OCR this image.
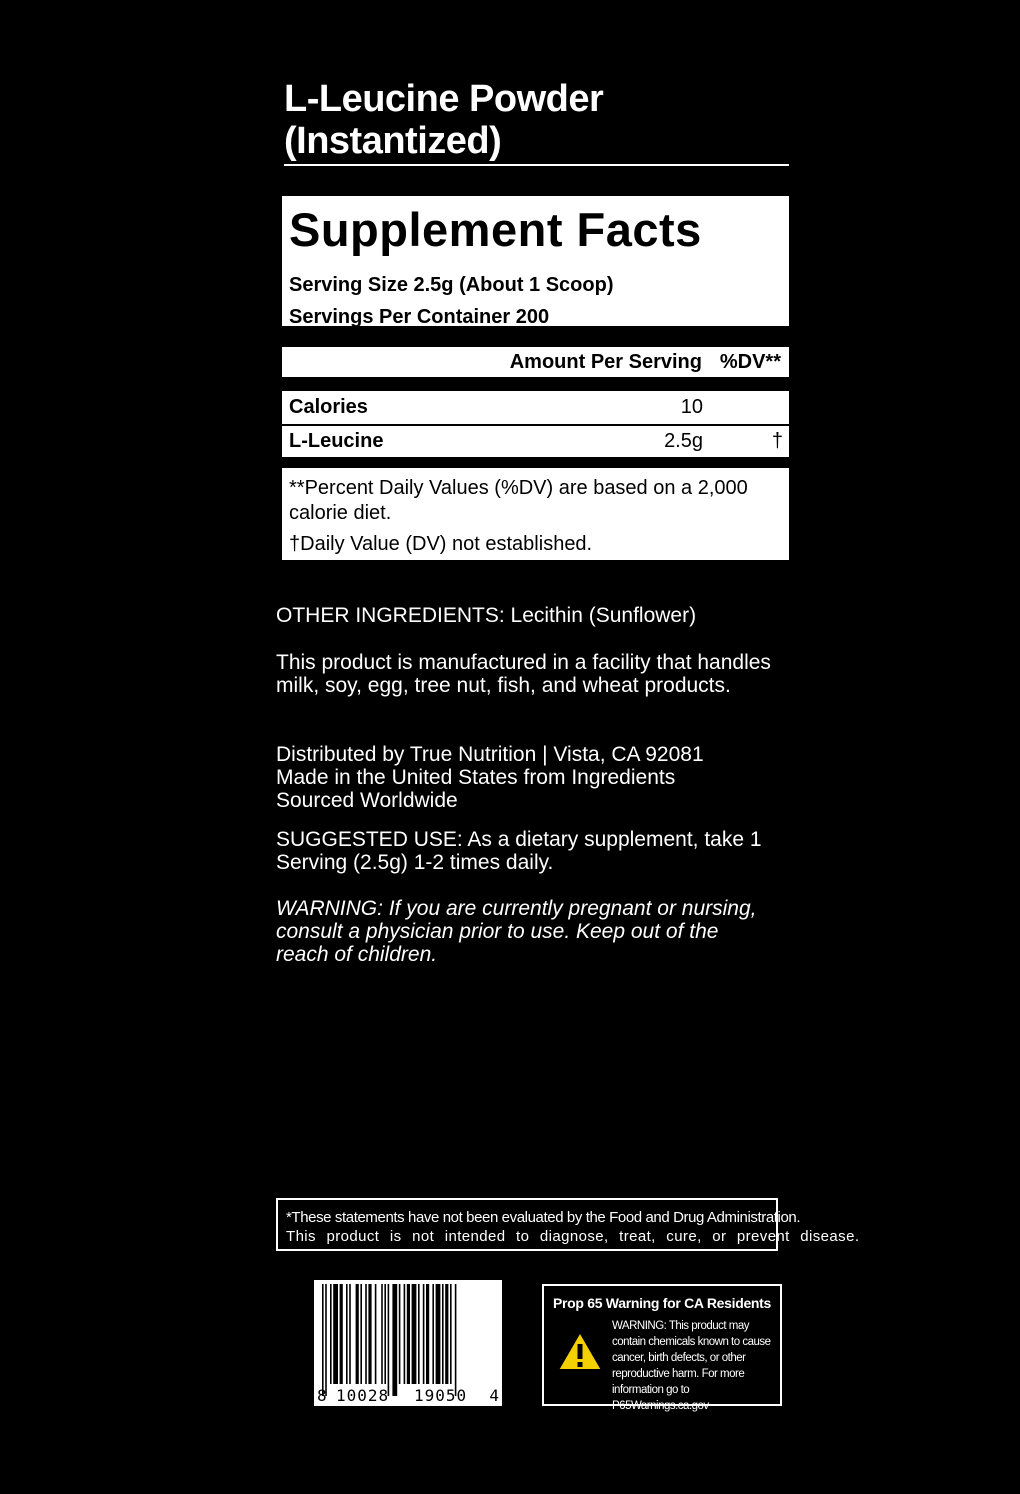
L-Leucine Powder
(Instantized)
Supplement Facts
Serving Size 2.5g (About 1 Scoop)
Servings Per Container 200
Amount Per Serving %DV**
Calories	10
L-Leucine	2.5g	†
**Percent Daily Values (%DV) are based on a 2,000 calorie diet.
†Daily Value (DV) not established.
OTHER INGREDIENTS: Lecithin (Sunflower)
This product is manufactured in a facility that handles milk, soy, egg, tree nut, fish, and wheat products.
Distributed by True Nutrition | Vista, CA 92081
Made in the United States from Ingredients
Sourced Worldwide
SUGGESTED USE: As a dietary supplement, take 1 Serving (2.5g) 1-2 times daily.
WARNING: If you are currently pregnant or nursing, consult a physician prior to use. Keep out of the reach of children.
*These statements have not been evaluated by the Food and Drug Administration.
This product is not intended to diagnose, treat, cure, or prevent disease.
8 10028 19050 4
Prop 65 Warning for CA Residents
WARNING: This product may contain chemicals known to cause cancer, birth defects, or other reproductive harm. For more information go to P65Warnings.ca.gov
